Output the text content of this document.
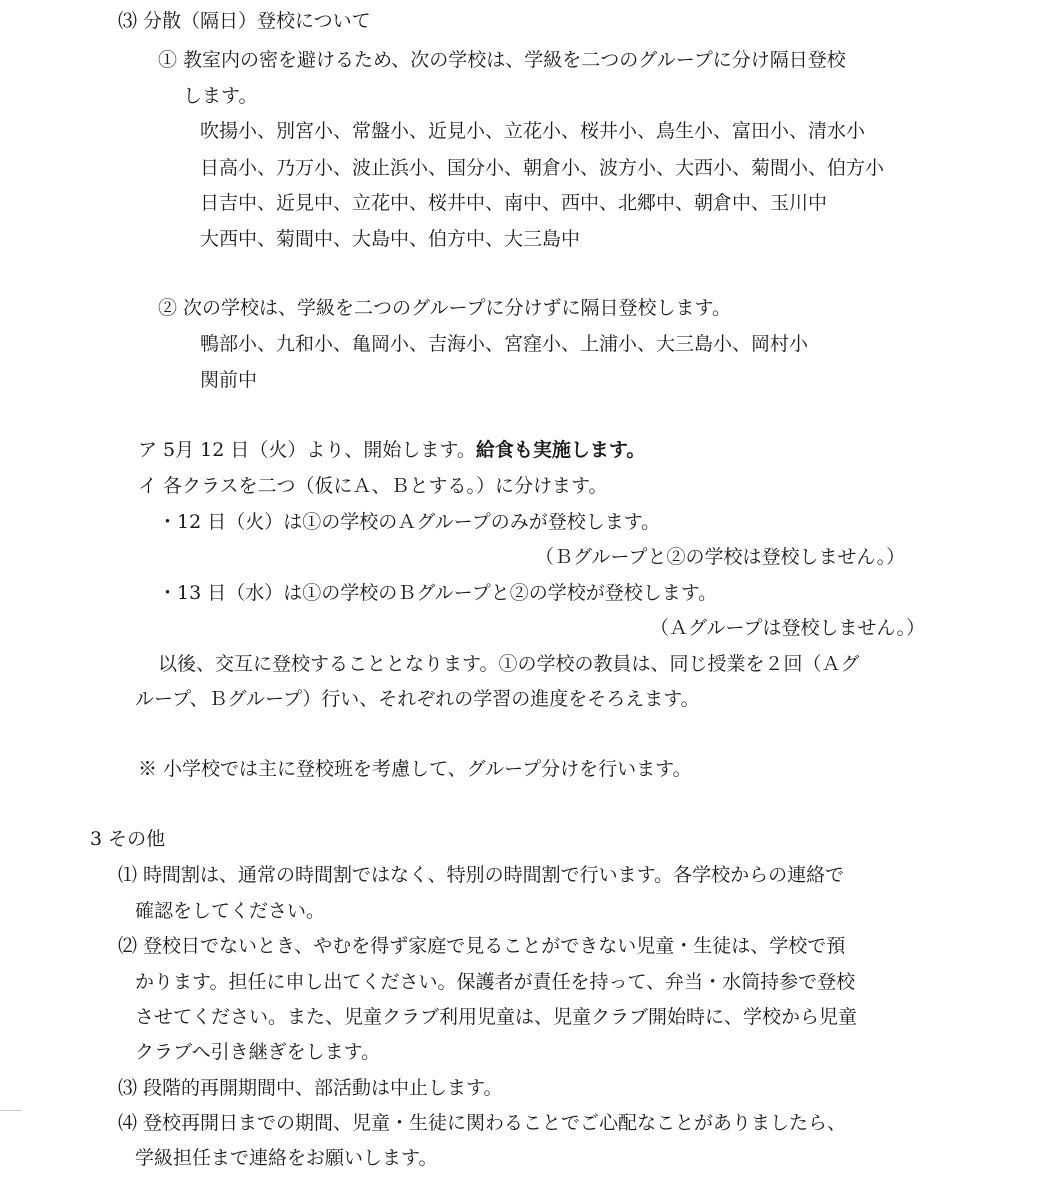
⑶ 分散（隔日）登校について
① 教室内の密を避けるため、次の学校は、学級を二つのグループに分け隔日登校
します。
吹揚小、別宮小、常盤小、近見小、立花小、桜井小、鳥生小、富田小、清水小
日高小、乃万小、波止浜小、国分小、朝倉小、波方小、大西小、菊間小、伯方小
日吉中、近見中、立花中、桜井中、南中、西中、北郷中、朝倉中、玉川中
大西中、菊間中、大島中、伯方中、大三島中
② 次の学校は、学級を二つのグループに分けずに隔日登校します。
鴨部小、九和小、亀岡小、吉海小、宮窪小、上浦小、大三島小、岡村小
関前中
ア 5月 12 日（火）より、開始します。給食も実施します。
イ 各クラスを二つ（仮にＡ、Ｂとする。）に分けます。
・12 日（火）は①の学校のＡグループのみが登校します。
（Ｂグループと②の学校は登校しません。）
・13 日（水）は①の学校のＢグループと②の学校が登校します。
（Ａグループは登校しません。）
以後、交互に登校することとなります。①の学校の教員は、同じ授業を２回（Ａグ
ループ、Ｂグループ）行い、それぞれの学習の進度をそろえます。
※ 小学校では主に登校班を考慮して、グループ分けを行います。
3 その他
⑴ 時間割は、通常の時間割ではなく、特別の時間割で行います。各学校からの連絡で
確認をしてください。
⑵ 登校日でないとき、やむを得ず家庭で見ることができない児童・生徒は、学校で預
かります。担任に申し出てください。保護者が責任を持って、弁当・水筒持参で登校
させてください。また、児童クラブ利用児童は、児童クラブ開始時に、学校から児童
クラブへ引き継ぎをします。
⑶ 段階的再開期間中、部活動は中止します。
⑷ 登校再開日までの期間、児童・生徒に関わることでご心配なことがありましたら、
学級担任まで連絡をお願いします。
